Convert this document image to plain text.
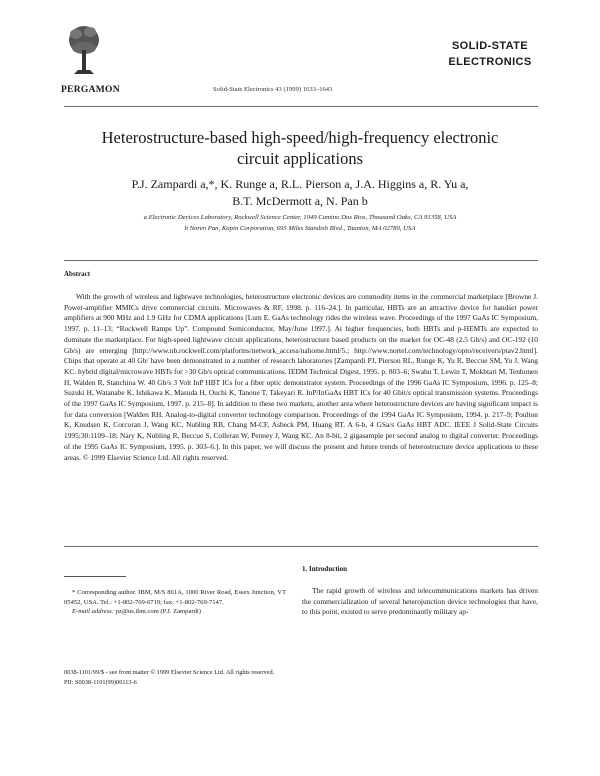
PERGAMON	Solid-State Electronics 43 (1999) 1633–1643
SOLID-STATE
ELECTRONICS
Heterostructure-based high-speed/high-frequency electronic
circuit applications
P.J. Zampardi a,*, K. Runge a, R.L. Pierson a, J.A. Higgins a, R. Yu a,
B.T. McDermott a, N. Pan b
a Electronic Devices Laboratory, Rockwell Science Center, 1049 Camino Dos Rios, Thousand Oaks, CA 91358, USA
b Noren Pan, Kopin Corporation, 695 Miles Standish Blvd., Taunton, MA 02780, USA
Abstract

With the growth of wireless and lightwave technologies, heterostructure electronic devices are commodity items in the commercial marketplace [Browne J. Power-amplifier MMICs drive commercial circuits. Microwaves & RF, 1998. p. 116–24.]. In particular, HBTs are an attractive device for handset power amplifiers at 900 MHz and 1.9 GHz for CDMA applications [Lum E. GaAs technology rides the wireless wave. Proceedings of the 1997 GaAs IC Symposium, 1997. p. 11–13; “Rockwell Ramps Up”. Compound Semiconductor, May/June 1997.]. At higher frequencies, both HBTs and p-HEMTs are expected to dominate the marketplace. For high-speed lightwave circuit applications, heterostructure based products on the market for OC-48 (2.5 Gb/s) and OC-192 (10 Gb/s) are emerging [http://www.nb.rockwell.com/platforms/network_access/nahome.html/5.; http://www.nortel.com/technology/opto/receivers/ptav2.html]. Chips that operate at 40 Gb/ have been demonstrated in a number of research laboratories [Zampardi PJ, Pierson RL, Runge K, Yu R, Beccue SM, Yu J, Wang KC. hybrid digital/microwave HBTs for >30 Gb/s optical communications. IEDM Technical Digest, 1995. p. 803–6; Swahn T, Lewin T, Mokhtari M, Tenhunen H, Walden R, Stanchina W. 40 Gb/s 3 Volt InP HBT ICs for a fiber optic demonstrator system. Proceedings of the 1996 GaAs IC Symposium, 1996. p. 125–8; Suzuki H, Watanabe K, Ishikawa K, Masuda H, Ouchi K, Tanoue T, Takeyari R. InP/InGaAs HBT ICs for 40 Gbit/s optical transmission systems. Proceedings of the 1997 GaAs IC Symposium, 1997. p. 215–8]. In addition to these two markets, another area where heterostructure devices are having significant impact is for data conversion [Walden RH. Analog-to-digital convertor technology comparison. Proceedings of the 1994 GaAs IC Symposium, 1994. p. 217–9; Poulton K, Knudsen K, Corcoran J, Wang KC, Nubling RB, Chang M-CF, Asbeck PM, Huang RT. A 6-b, 4 GSa/s GaAs HBT ADC. IEEE J Solid-State Circuits 1995;30:1109–18; Nary K, Nubling R, Beccue S, Colleran W, Penney J, Wang KC. An 8-bit, 2 gigasample per second analog to digital converter. Proceedings of the 1995 GaAs IC Symposium, 1995. p. 303–6.]. In this paper, we will discuss the present and future trends of heterostructure device applications to these areas. © 1999 Elsevier Science Ltd. All rights reserved.

* Corresponding author. IBM, M/S 861A, 1000 River Road, Essex Junction, VT 05452, USA. Tel.: +1-802-769-6719; fax: +1-802-769-7147.

E-mail address: pz@us.ibm.com (P.J. Zampardi)

0038-1101/99/$ - see front matter © 1999 Elsevier Science Ltd. All rights reserved.
PII: S0038-1101(99)00113-6
1. Introduction

The rapid growth of wireless and telecommunications markets has driven the commercialization of several heterojunction device technologies that have, to this point, existed to serve predominantly military ap-
